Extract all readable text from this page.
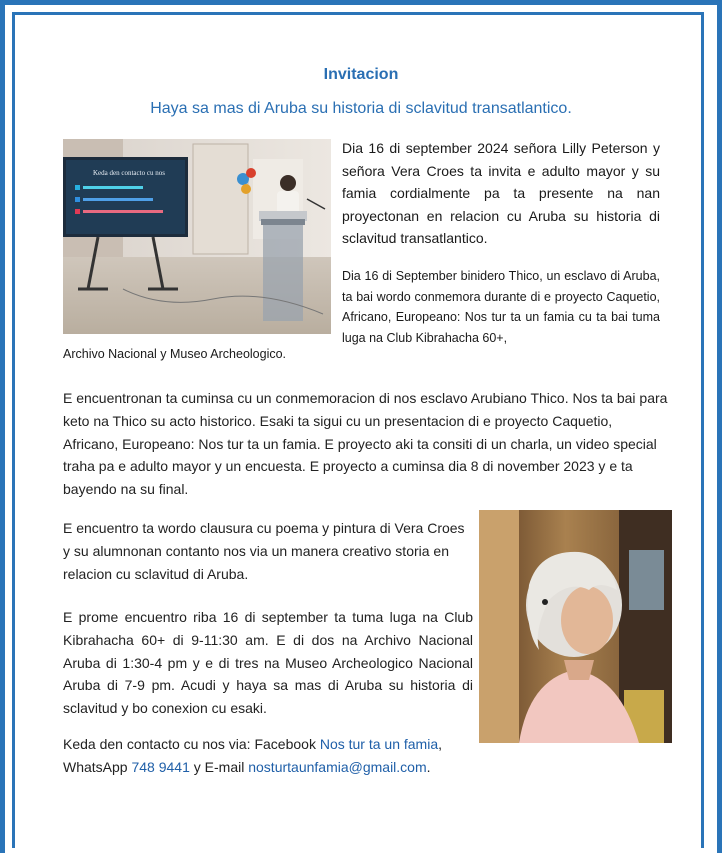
Invitacion
Haya sa mas di Aruba su historia di sclavitud transatlantico.
Keda den contacto cu nos

Dia 16 di september 2024 señora Lilly Peterson y señora Vera Croes ta invita e adulto mayor y su famia cordialmente pa ta presente na nan proyectonan en relacion cu Aruba su historia di sclavitud transatlantico.

Dia 16 di September binidero Thico, un esclavo di Aruba, ta bai wordo conmemora durante di e proyecto Caquetio, Africano, Europeano: Nos tur ta un famia cu ta bai tuma luga na Club Kibrahacha 60+,

Archivo Nacional y Museo Archeologico.

E encuentronan ta cuminsa cu un conmemoracion di nos esclavo Arubiano Thico. Nos ta bai para keto na Thico su acto historico. Esaki ta sigui cu un presentacion di e proyecto Caquetio, Africano, Europeano: Nos tur ta un famia. E proyecto aki ta consiti di un charla, un video special traha pa e adulto mayor y un encuesta. E proyecto a cuminsa dia 8 di november 2023 y e ta bayendo na su final.

E encuentro ta wordo clausura cu poema y pintura di Vera Croes y su alumnonan contanto nos via un manera creativo storia en relacion cu sclavitud di Aruba.

E prome encuentro riba 16 di september ta tuma luga na Club Kibrahacha 60+ di 9-11:30 am. E di dos na Archivo Nacional Aruba di 1:30-4 pm y e di tres na Museo Archeologico Nacional Aruba di 7-9 pm. Acudi y haya sa mas di Aruba su historia di sclavitud y bo conexion cu esaki.

Keda den contacto cu nos via: Facebook Nos tur ta un famia, WhatsApp 748 9441 y E-mail nosturtaunfamia@gmail.com.
